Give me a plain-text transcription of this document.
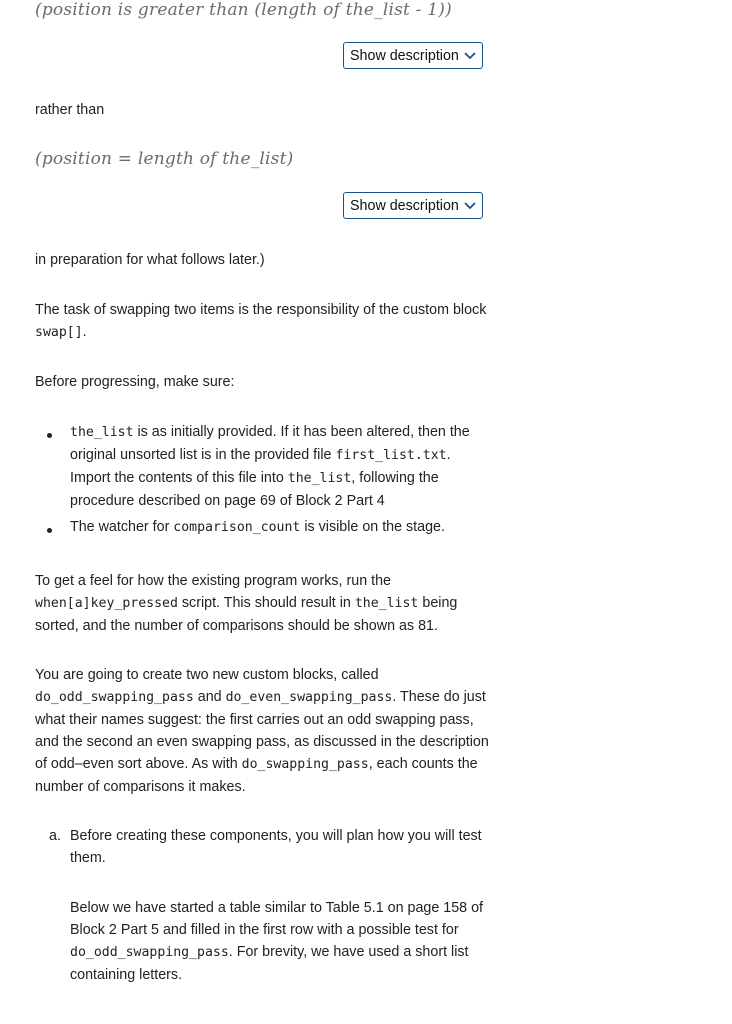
(position is greater than (length of the_list - 1))
Show description

rather than

(position = length of the_list)
Show description

in preparation for what follows later.)

The task of swapping two items is the responsibility of the custom block swap[].

Before progressing, make sure:

the_list is as initially provided. If it has been altered, then the original unsorted list is in the provided file first_list.txt. Import the contents of this file into the_list, following the procedure described on page 69 of Block 2 Part 4

The watcher for comparison_count is visible on the stage.

To get a feel for how the existing program works, run the when[a]key_pressed script. This should result in the_list being sorted, and the number of comparisons should be shown as 81.

You are going to create two new custom blocks, called do_odd_swapping_pass and do_even_swapping_pass. These do just what their names suggest: the first carries out an odd swapping pass, and the second an even swapping pass, as discussed in the description of odd–even sort above. As with do_swapping_pass, each counts the number of comparisons it makes.

a. Before creating these components, you will plan how you will test them.

Below we have started a table similar to Table 5.1 on page 158 of Block 2 Part 5 and filled in the first row with a possible test for do_odd_swapping_pass. For brevity, we have used a short list containing letters.
